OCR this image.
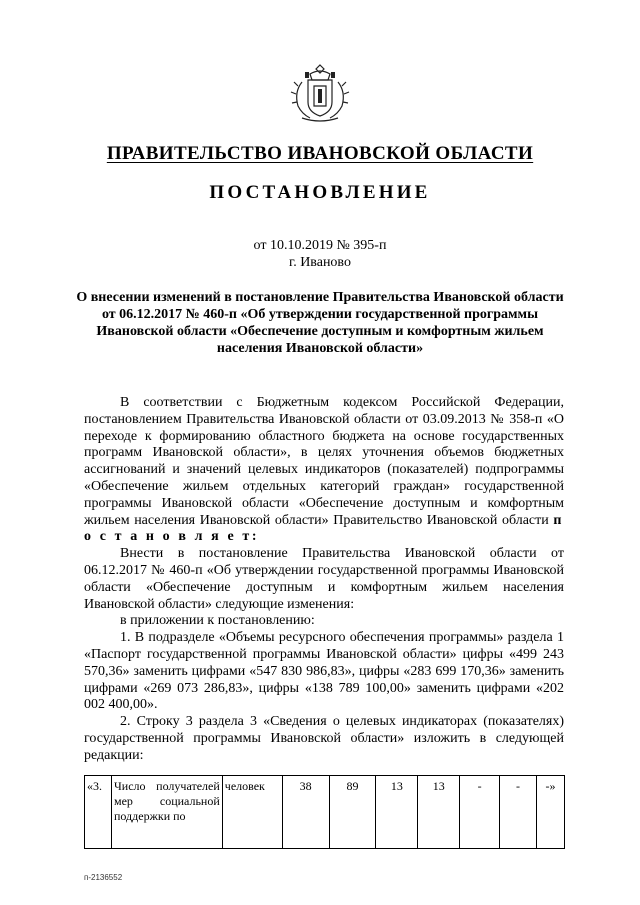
ПРАВИТЕЛЬСТВО ИВАНОВСКОЙ ОБЛАСТИ
ПОСТАНОВЛЕНИЕ
от 10.10.2019 № 395-п
г. Иваново
О внесении изменений в постановление Правительства Ивановской области от 06.12.2017 № 460-п «Об утверждении государственной программы Ивановской области «Обеспечение доступным и комфортным жильем населения Ивановской области»

В соответствии с Бюджетным кодексом Российской Федерации, постановлением Правительства Ивановской области от 03.09.2013 № 358-п «О переходе к формированию областного бюджета на основе государственных программ Ивановской области», в целях уточнения объемов бюджетных ассигнований и значений целевых индикаторов (показателей) подпрограммы «Обеспечение жильем отдельных категорий граждан» государственной программы Ивановской области «Обеспечение доступным и комфортным жильем населения Ивановской области» Правительство Ивановской области п о с т а н о в л я е т:

Внести в постановление Правительства Ивановской области от 06.12.2017 № 460-п «Об утверждении государственной программы Ивановской области «Обеспечение доступным и комфортным жильем населения Ивановской области» следующие изменения:

в приложении к постановлению:

1. В подразделе «Объемы ресурсного обеспечения программы» раздела 1 «Паспорт государственной программы Ивановской области» цифры «499 243 570,36» заменить цифрами «547 830 986,83», цифры «283 699 170,36» заменить цифрами «269 073 286,83», цифры «138 789 100,00» заменить цифрами «202 002 400,00».

2. Строку 3 раздела 3 «Сведения о целевых индикаторах (показателях) государственной программы Ивановской области» изложить в следующей редакции:

«3.	Число получателей мер социальной поддержки по	человек	38	89	13	13	-	-	-»
п-2136552
